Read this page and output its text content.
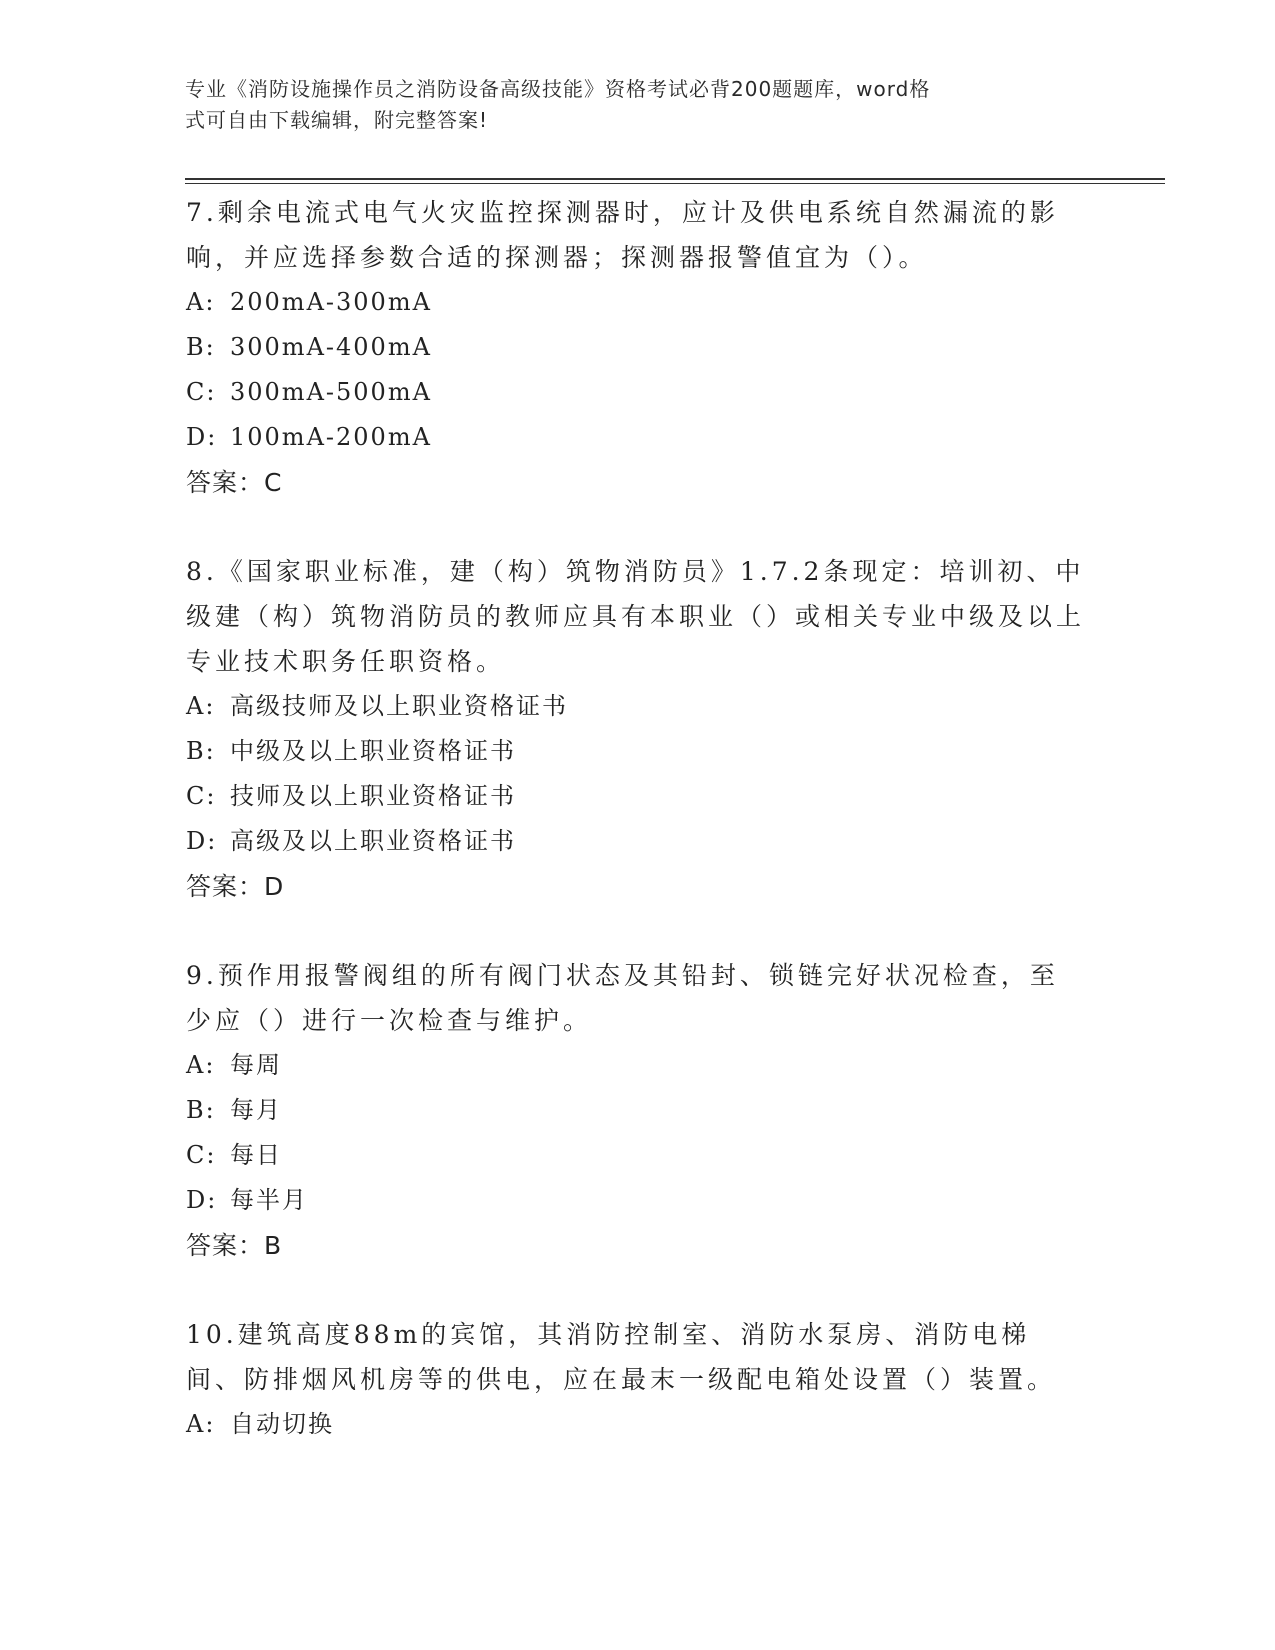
专业《消防设施操作员之消防设备高级技能》资格考试必背200题题库，word格
式可自由下载编辑，附完整答案!

7.剩余电流式电气火灾监控探测器时，应计及供电系统自然漏流的影响，并应选择参数合适的探测器；探测器报警值宜为（）。

A: 200mA-300mA

B: 300mA-400mA

C: 300mA-500mA

D: 100mA-200mA

答案：C

8.《国家职业标准，建（构）筑物消防员》1.7.2条现定：培训初、中级建（构）筑物消防员的教师应具有本职业（）或相关专业中级及以上专业技术职务任职资格。

A: 高级技师及以上职业资格证书

B: 中级及以上职业资格证书

C: 技师及以上职业资格证书

D: 高级及以上职业资格证书

答案：D

9.预作用报警阀组的所有阀门状态及其铅封、锁链完好状况检查，至少应（）进行一次检查与维护。

A: 每周

B: 每月

C: 每日

D: 每半月

答案：B

10.建筑高度88m的宾馆，其消防控制室、消防水泵房、消防电梯间、防排烟风机房等的供电，应在最末一级配电箱处设置（）装置。

A: 自动切换
